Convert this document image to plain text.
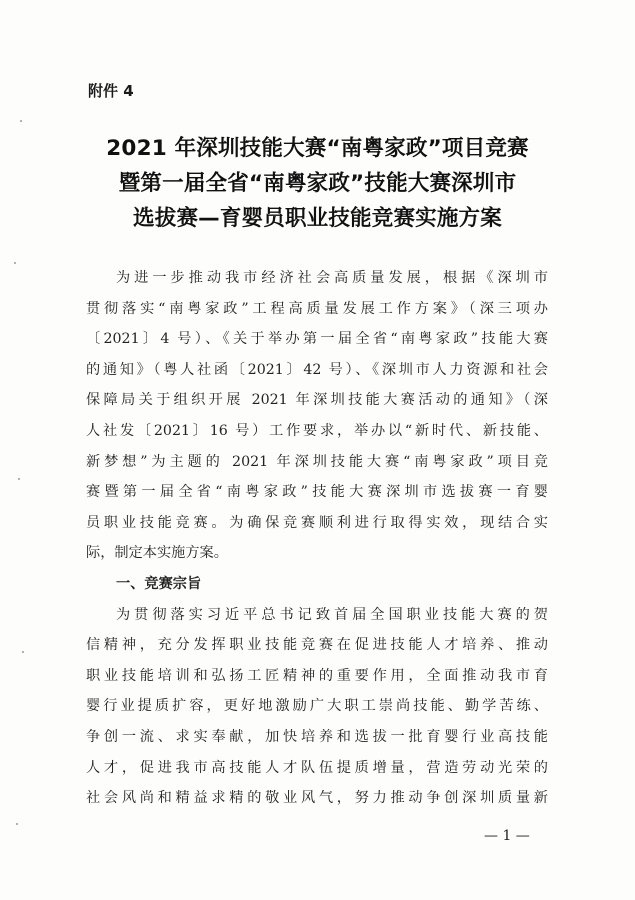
附件 4
2021 年深圳技能大赛“南粤家政”项目竞赛
暨第一届全省“南粤家政”技能大赛深圳市
选拔赛—育婴员职业技能竞赛实施方案
为进一步推动我市经济社会高质量发展，根据《深圳市
贯彻落实“南粤家政”工程高质量发展工作方案》（深三项办
〔2021〕4 号）、《关于举办第一届全省“南粤家政”技能大赛
的通知》（粤人社函〔2021〕42 号）、《深圳市人力资源和社会
保障局关于组织开展 2021 年深圳技能大赛活动的通知》（深
人社发〔2021〕16 号）工作要求，举办以“新时代、新技能、
新梦想”为主题的 2021 年深圳技能大赛“南粤家政”项目竞
赛暨第一届全省“南粤家政”技能大赛深圳市选拔赛一育婴
员职业技能竞赛。为确保竞赛顺利进行取得实效，现结合实
际，制定本实施方案。
一、竞赛宗旨
为贯彻落实习近平总书记致首届全国职业技能大赛的贺
信精神，充分发挥职业技能竞赛在促进技能人才培养、推动
职业技能培训和弘扬工匠精神的重要作用，全面推动我市育
婴行业提质扩容，更好地激励广大职工崇尚技能、勤学苦练、
争创一流、求实奉献，加快培养和选拔一批育婴行业高技能
人才，促进我市高技能人才队伍提质增量，营造劳动光荣的
社会风尚和精益求精的敬业风气，努力推动争创深圳质量新
— 1 —
